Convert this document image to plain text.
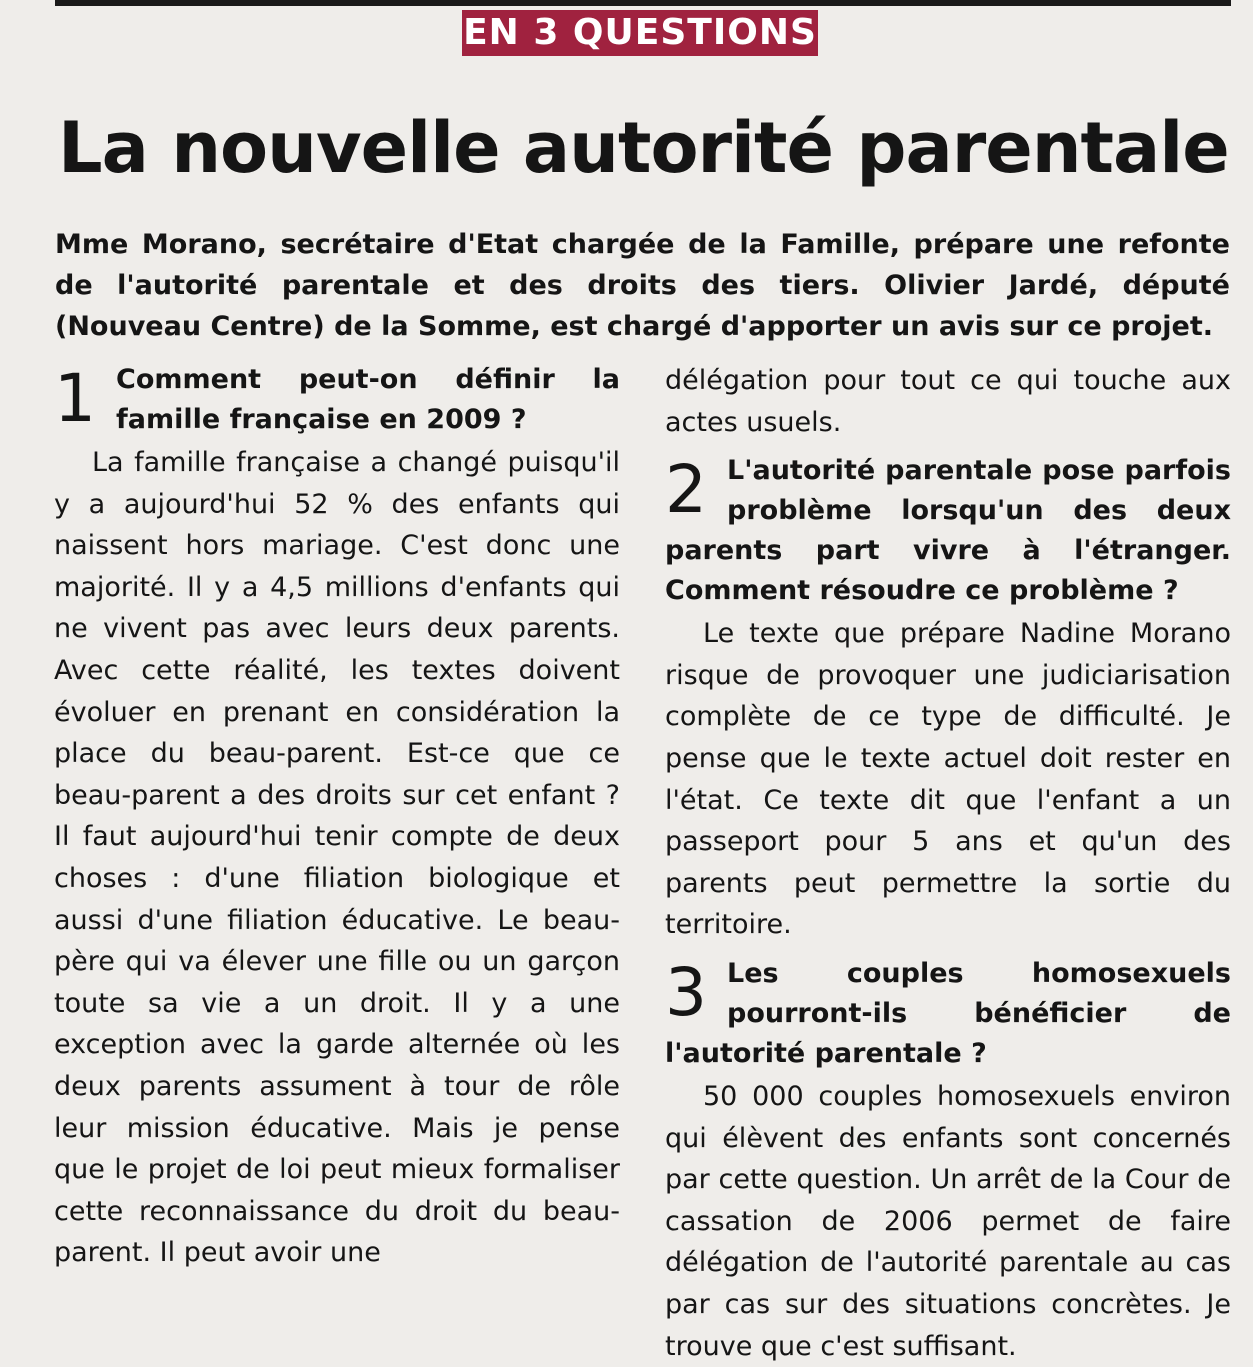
EN 3 QUESTIONS
La nouvelle autorité parentale
Mme Morano, secrétaire d'Etat chargée de la Famille, prépare une refonte de l'autorité parentale et des droits des tiers. Olivier Jardé, député (Nouveau Centre) de la Somme, est chargé d'apporter un avis sur ce projet.
1 Comment peut-on définir la famille française en 2009 ?

La famille française a changé puisqu'il y a aujourd'hui 52 % des enfants qui naissent hors mariage. C'est donc une majorité. Il y a 4,5 millions d'enfants qui ne vivent pas avec leurs deux parents. Avec cette réalité, les textes doivent évoluer en prenant en considération la place du beau-parent. Est-ce que ce beau-parent a des droits sur cet enfant ? Il faut aujourd'hui tenir compte de deux choses : d'une filiation biologique et aussi d'une filiation éducative. Le beau-père qui va élever une fille ou un garçon toute sa vie a un droit. Il y a une exception avec la garde alternée où les deux parents assument à tour de rôle leur mission éducative. Mais je pense que le projet de loi peut mieux formaliser cette reconnaissance du droit du beau-parent. Il peut avoir une

délégation pour tout ce qui touche aux actes usuels.

2 L'autorité parentale pose parfois problème lorsqu'un des deux parents part vivre à l'étranger. Comment résoudre ce problème ?

Le texte que prépare Nadine Morano risque de provoquer une judiciarisation complète de ce type de difficulté. Je pense que le texte actuel doit rester en l'état. Ce texte dit que l'enfant a un passeport pour 5 ans et qu'un des parents peut permettre la sortie du territoire.

3 Les couples homosexuels pourront-ils bénéficier de l'autorité parentale ?

50 000 couples homosexuels environ qui élèvent des enfants sont concernés par cette question. Un arrêt de la Cour de cassation de 2006 permet de faire délégation de l'autorité parentale au cas par cas sur des situations concrètes. Je trouve que c'est suffisant.
